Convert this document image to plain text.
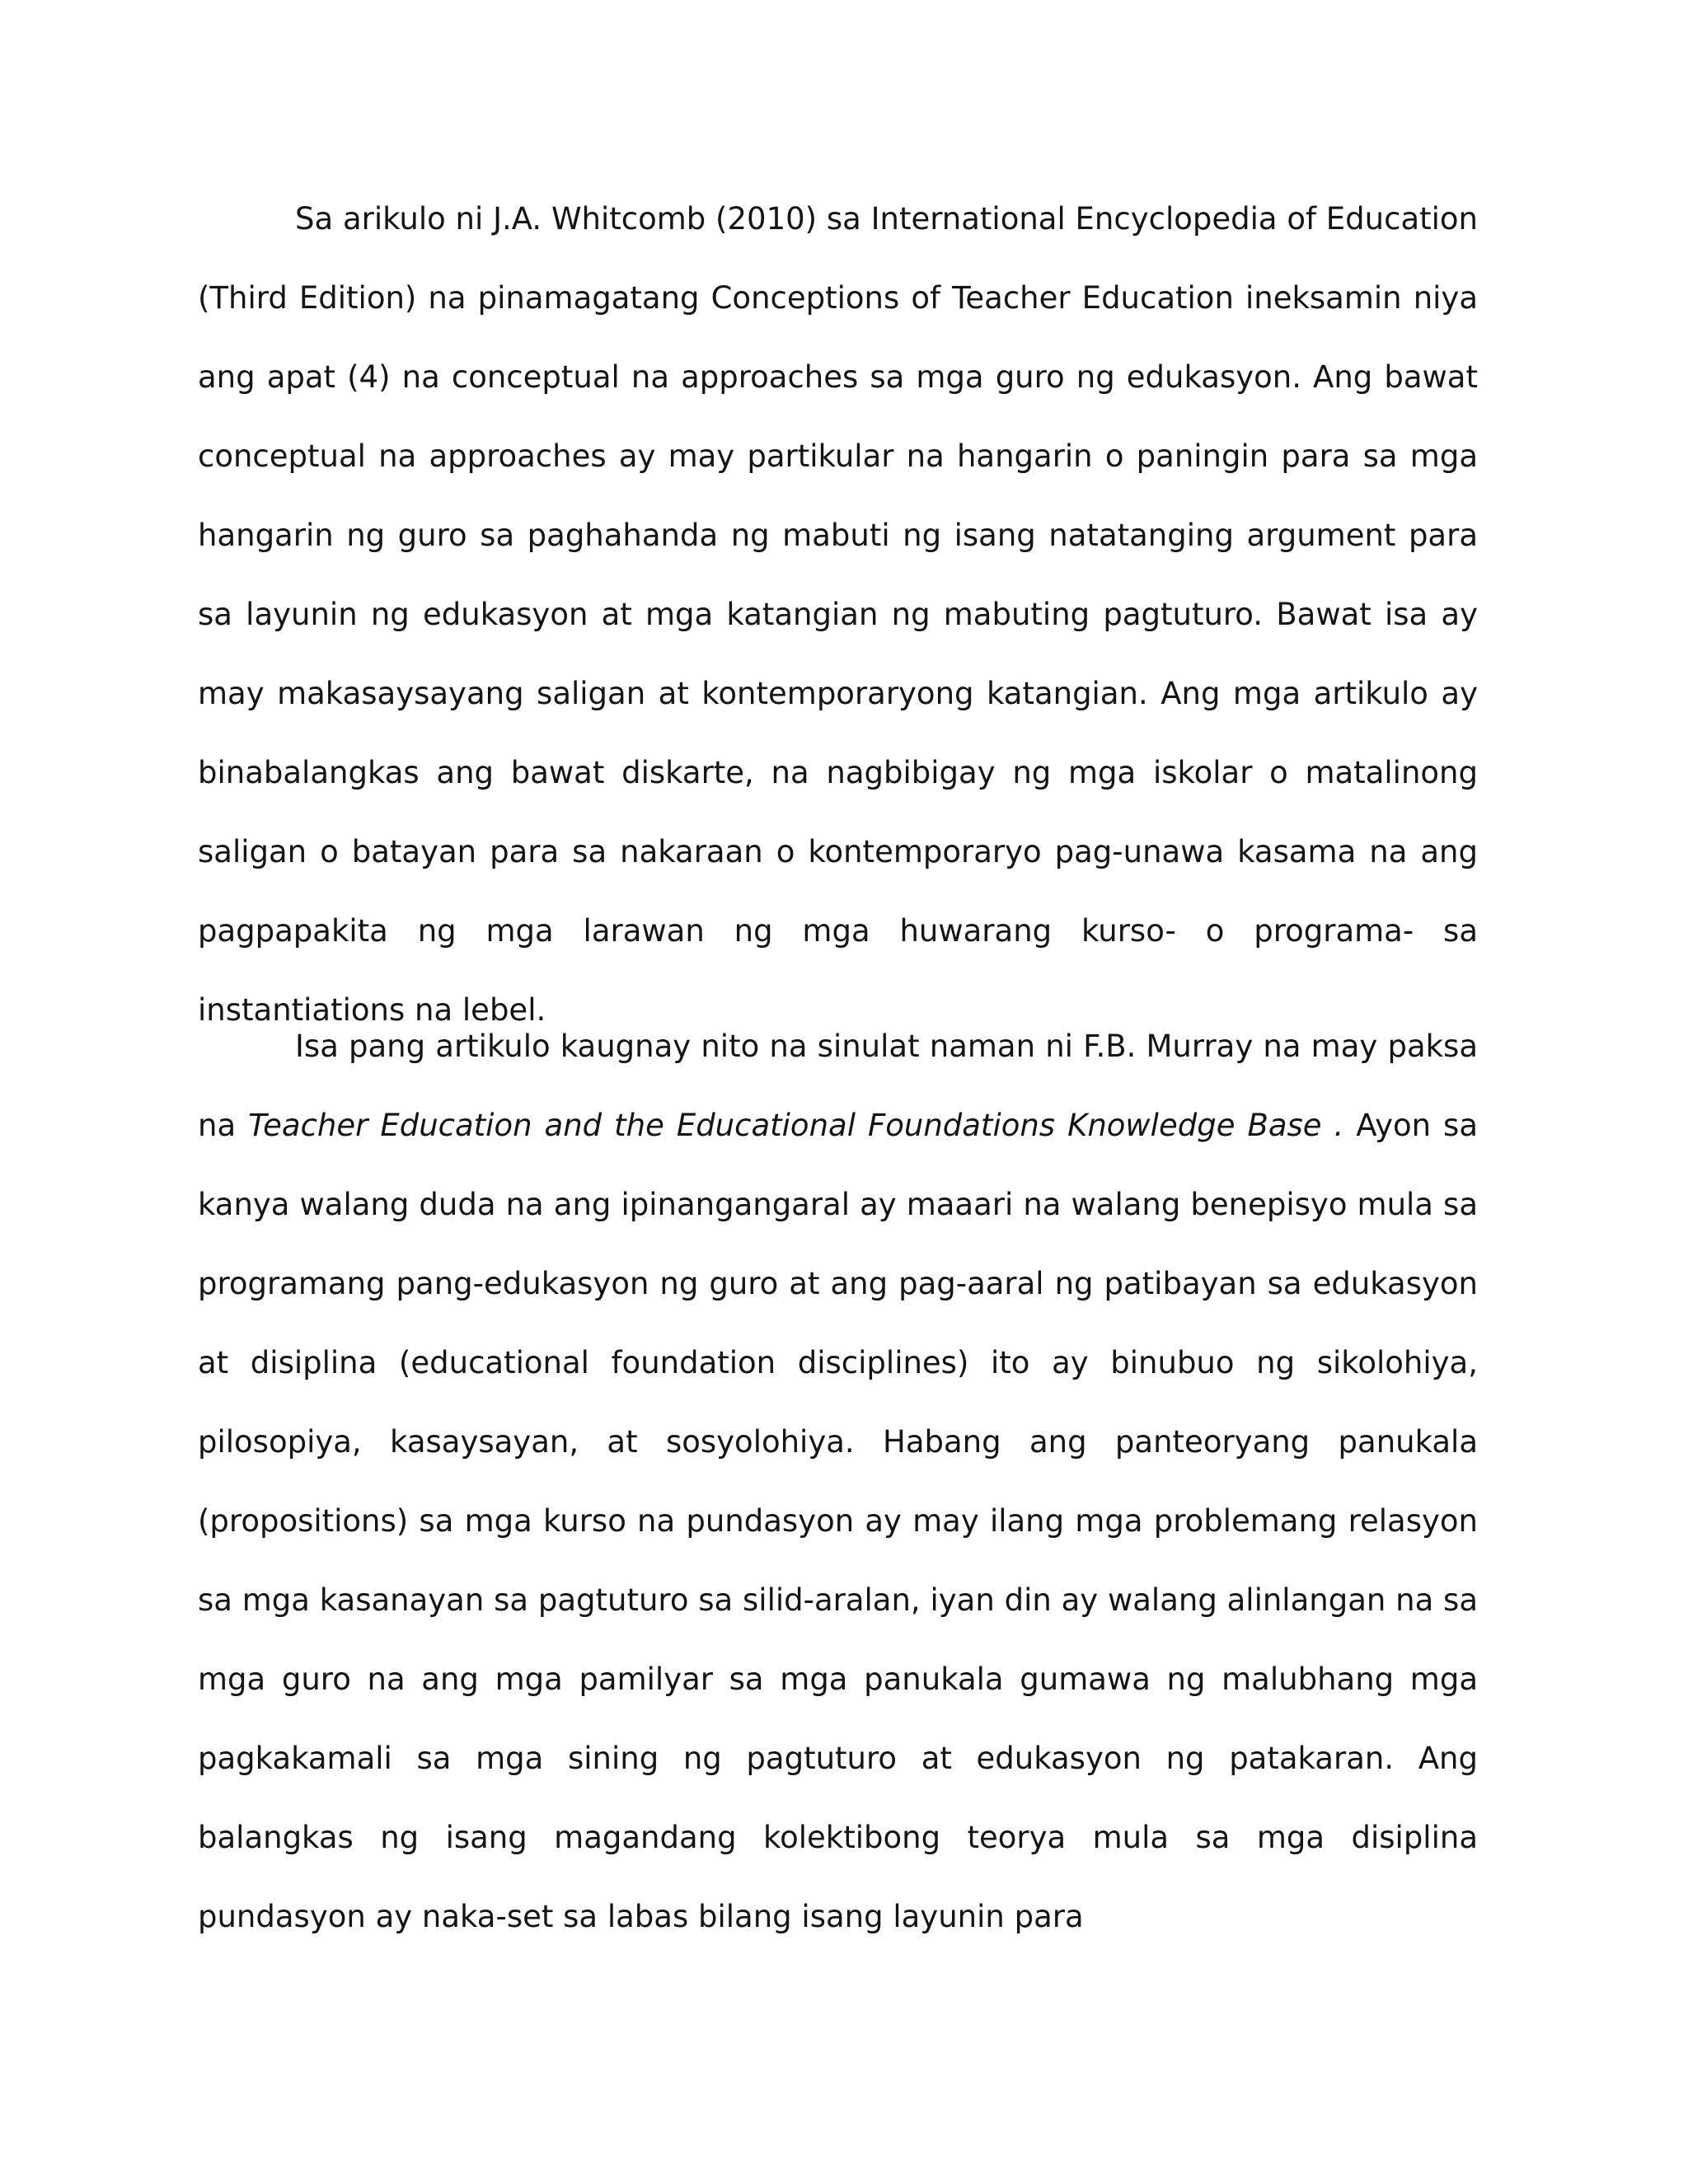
Sa arikulo ni J.A. Whitcomb (2010) sa International Encyclopedia of Education (Third Edition) na pinamagatang Conceptions of Teacher Education ineksamin niya ang apat (4) na conceptual na approaches sa mga guro ng edukasyon. Ang bawat conceptual na approaches ay may partikular na hangarin o paningin para sa mga hangarin ng guro sa paghahanda ng mabuti ng isang natatanging argument para sa layunin ng edukasyon at mga katangian ng mabuting pagtuturo. Bawat isa ay may makasaysayang saligan at kontemporaryong katangian. Ang mga artikulo ay binabalangkas ang bawat diskarte, na nagbibigay ng mga iskolar o matalinong saligan o batayan para sa nakaraan o kontemporaryo pag-unawa kasama na ang pagpapakita ng mga larawan ng mga huwarang kurso- o programa- sa instantiations na lebel.

Isa pang artikulo kaugnay nito na sinulat naman ni F.B. Murray na may paksa na Teacher Education and the Educational Foundations Knowledge Base . Ayon sa kanya walang duda na ang ipinangangaral ay maaari na walang benepisyo mula sa programang pang-edukasyon ng guro at ang pag-aaral ng patibayan sa edukasyon at disiplina (educational foundation disciplines) ito ay binubuo ng sikolohiya, pilosopiya, kasaysayan, at sosyolohiya. Habang ang panteoryang panukala (propositions) sa mga kurso na pundasyon ay may ilang mga problemang relasyon sa mga kasanayan sa pagtuturo sa silid-aralan, iyan din ay walang alinlangan na sa mga guro na ang mga pamilyar sa mga panukala gumawa ng malubhang mga pagkakamali sa mga sining ng pagtuturo at edukasyon ng patakaran. Ang balangkas ng isang magandang kolektibong teorya mula sa mga disiplina pundasyon ay naka-set sa labas bilang isang layunin para
